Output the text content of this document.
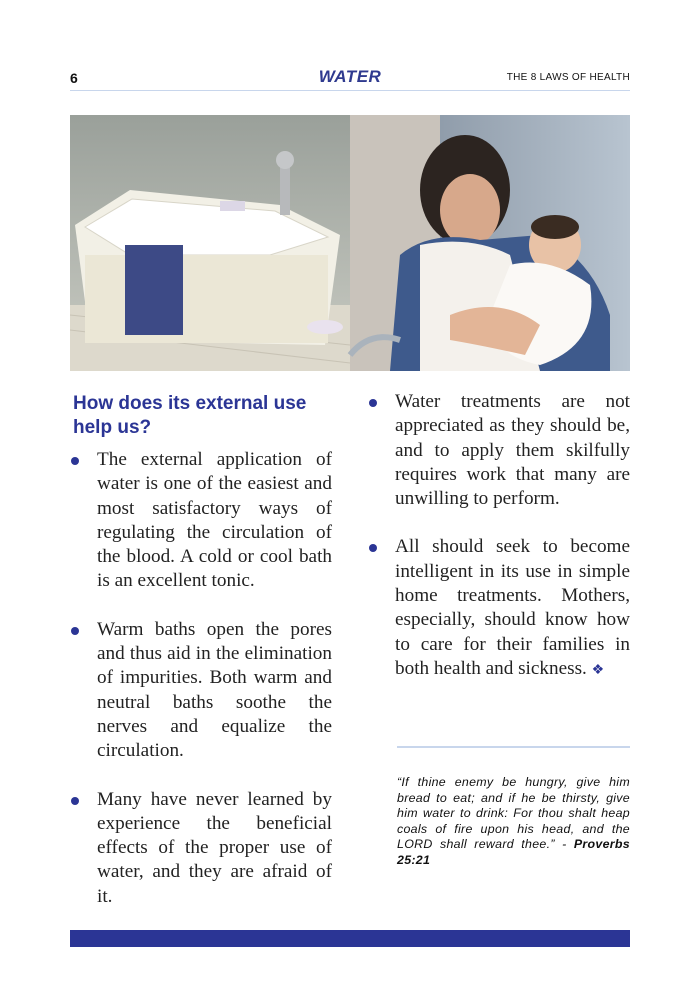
6	WATER	THE 8 LAWS OF HEALTH
How does its external use help us?
The external application of water is one of the easiest and most satisfactory ways of regulating the circulation of the blood. A cold or cool bath is an excellent tonic.
Warm baths open the pores and thus aid in the elimination of impurities. Both warm and neutral baths soothe the nerves and equalize the circulation.
Many have never learned by experience the beneficial effects of the proper use of water, and they are afraid of it.
Water treatments are not appreciated as they should be, and to apply them skilfully requires work that many are unwilling to perform.
All should seek to become intelligent in its use in simple home treatments. Mothers, especially, should know how to care for their families in both health and sickness. ❖
“If thine enemy be hungry, give him bread to eat; and if he be thirsty, give him water to drink: For thou shalt heap coals of fire upon his head, and the LORD shall reward thee.” - Proverbs 25:21
